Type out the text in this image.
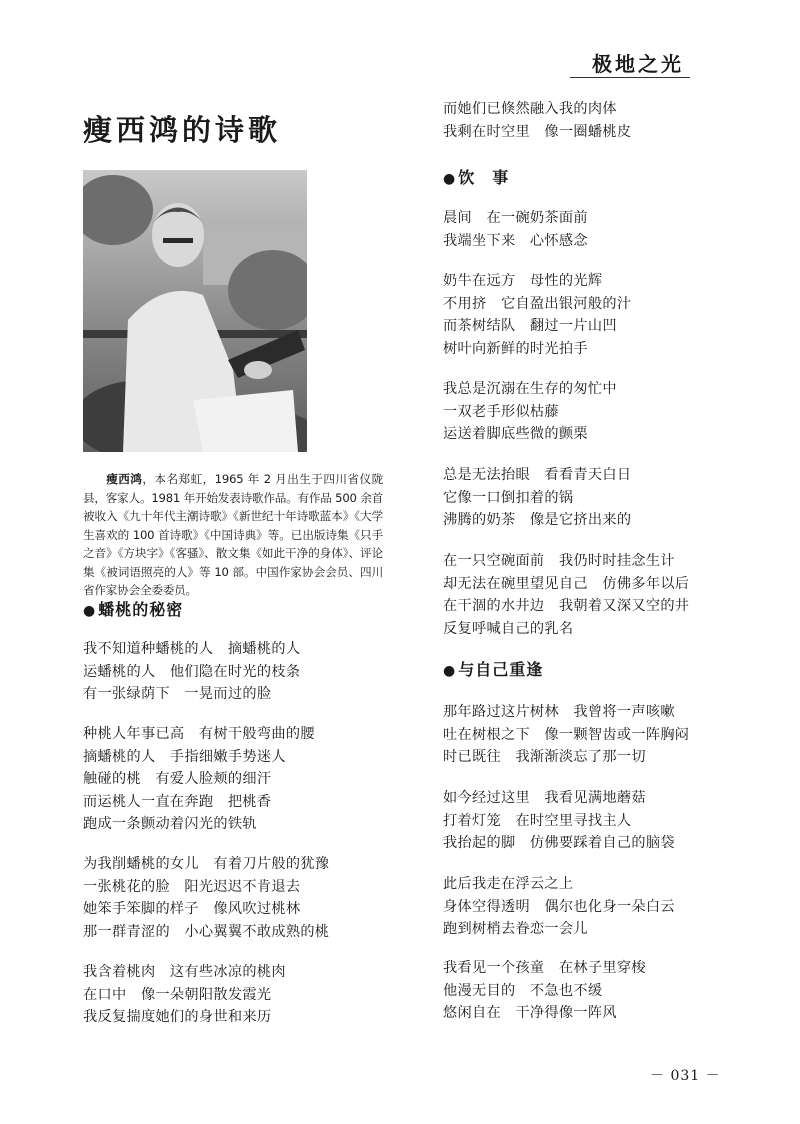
极地之光
瘦西鸿的诗歌
瘦西鸿，本名郑虹，1965 年 2 月出生于四川省仪陇县，客家人。1981 年开始发表诗歌作品。有作品 500 余首被收入《九十年代主潮诗歌》《新世纪十年诗歌蓝本》《大学生喜欢的 100 首诗歌》《中国诗典》等。已出版诗集《只手之音》《方块字》《客骚》、散文集《如此干净的身体》、评论集《被词语照亮的人》等 10 部。中国作家协会会员、四川省作家协会全委委员。
● 蟠桃的秘密
我不知道种蟠桃的人　摘蟠桃的人
运蟠桃的人　他们隐在时光的枝条
有一张绿荫下　一晃而过的脸
种桃人年事已高　有树干般弯曲的腰
摘蟠桃的人　手指细嫩手势迷人
触碰的桃　有爱人脸颊的细汗
而运桃人一直在奔跑　把桃香
跑成一条颤动着闪光的铁轨
为我削蟠桃的女儿　有着刀片般的犹豫
一张桃花的脸　阳光迟迟不肯退去
她笨手笨脚的样子　像风吹过桃林
那一群青涩的　小心翼翼不敢成熟的桃
我含着桃肉　这有些冰凉的桃肉
在口中　像一朵朝阳散发霞光
我反复揣度她们的身世和来历
而她们已倏然融入我的肉体
我剩在时空里　像一圈蟠桃皮
● 饮　事
晨间　在一碗奶茶面前
我端坐下来　心怀感念
奶牛在远方　母性的光辉
不用挤　它自盈出银河般的汁
而茶树结队　翻过一片山凹
树叶向新鲜的时光拍手
我总是沉溺在生存的匆忙中
一双老手形似枯藤
运送着脚底些微的颤栗
总是无法抬眼　看看青天白日
它像一口倒扣着的锅
沸腾的奶茶　像是它挤出来的
在一只空碗面前　我仍时时挂念生计
却无法在碗里望见自己　仿佛多年以后
在干涸的水井边　我朝着又深又空的井
反复呼喊自己的乳名
● 与自己重逢
那年路过这片树林　我曾将一声咳嗽
吐在树根之下　像一颗智齿或一阵胸闷
时已既往　我渐渐淡忘了那一切
如今经过这里　我看见满地蘑菇
打着灯笼　在时空里寻找主人
我抬起的脚　仿佛要踩着自己的脑袋
此后我走在浮云之上
身体空得透明　偶尔也化身一朵白云
跑到树梢去眷恋一会儿
我看见一个孩童　在林子里穿梭
他漫无目的　不急也不缓
悠闲自在　干净得像一阵风
－ 031 －
